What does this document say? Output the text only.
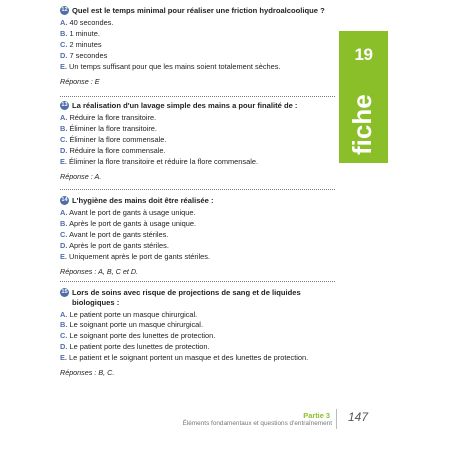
12 Quel est le temps minimal pour réaliser une friction hydroalcoolique ?
A. 40 secondes.
B. 1 minute.
C. 2 minutes
D. 7 secondes
E. Un temps suffisant pour que les mains soient totalement sèches.
Réponse : E
13 La réalisation d'un lavage simple des mains a pour finalité de :
A. Réduire la flore transitoire.
B. Éliminer la flore transitoire.
C. Éliminer la flore commensale.
D. Réduire la flore commensale.
E. Éliminer la flore transitoire et réduire la flore commensale.
Réponse : A.
14 L'hygiène des mains doit être réalisée :
A. Avant le port de gants à usage unique.
B. Après le port de gants à usage unique.
C. Avant le port de gants stériles.
D. Après le port de gants stériles.
E. Uniquement après le port de gants stériles.
Réponses : A, B, C et D.
15 Lors de soins avec risque de projections de sang et de liquides biologiques :
A. Le patient porte un masque chirurgical.
B. Le soignant porte un masque chirurgical.
C. Le soignant porte des lunettes de protection.
D. Le patient porte des lunettes de protection.
E. Le patient et le soignant portent un masque et des lunettes de protection.
Réponses : B, C.
19
fiche
Partie 3
Éléments fondamentaux et questions d'entraînement 147
